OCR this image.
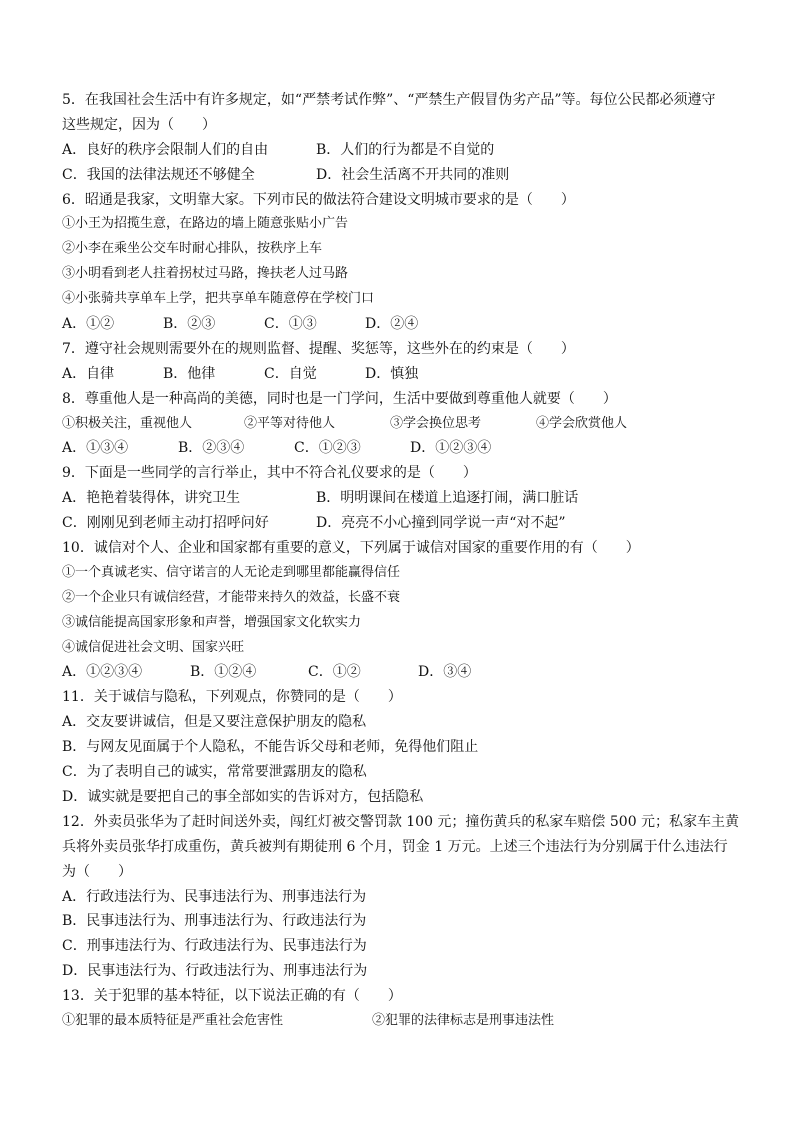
5．在我国社会生活中有许多规定，如“严禁考试作弊”、“严禁生产假冒伪劣产品”等。每位公民都必须遵守
这些规定，因为（　　）
A．良好的秩序会限制人们的自由	B．人们的行为都是不自觉的
C．我国的法律法规还不够健全	D．社会生活离不开共同的准则
6．昭通是我家，文明靠大家。下列市民的做法符合建设文明城市要求的是（　　）
①小王为招揽生意，在路边的墙上随意张贴小广告
②小李在乘坐公交车时耐心排队，按秩序上车
③小明看到老人拄着拐杖过马路，搀扶老人过马路
④小张骑共享单车上学，把共享单车随意停在学校门口
A．①②	B．②③	C．①③	D．②④
7．遵守社会规则需要外在的规则监督、提醒、奖惩等，这些外在的约束是（　　）
A．自律	B．他律	C．自觉	D．慎独
8．尊重他人是一种高尚的美德，同时也是一门学问，生活中要做到尊重他人就要（　　）
①积极关注，重视他人	②平等对待他人	③学会换位思考	④学会欣赏他人
A．①③④	B．②③④	C．①②③	D．①②③④
9．下面是一些同学的言行举止，其中不符合礼仪要求的是（　　）
A．艳艳着装得体，讲究卫生	B．明明课间在楼道上追逐打闹，满口脏话
C．刚刚见到老师主动打招呼问好	D．亮亮不小心撞到同学说一声“对不起”
10．诚信对个人、企业和国家都有重要的意义，下列属于诚信对国家的重要作用的有（　　）
①一个真诚老实、信守诺言的人无论走到哪里都能赢得信任
②一个企业只有诚信经营，才能带来持久的效益，长盛不衰
③诚信能提高国家形象和声誉，增强国家文化软实力
④诚信促进社会文明、国家兴旺
A．①②③④	B．①②④	C．①②	D．③④
11．关于诚信与隐私，下列观点，你赞同的是（　　）
A．交友要讲诚信，但是又要注意保护朋友的隐私
B．与网友见面属于个人隐私，不能告诉父母和老师，免得他们阻止
C．为了表明自己的诚实，常常要泄露朋友的隐私
D．诚实就是要把自己的事全部如实的告诉对方，包括隐私
12．外卖员张华为了赶时间送外卖，闯红灯被交警罚款 100 元；撞伤黄兵的私家车赔偿 500 元；私家车主黄
兵将外卖员张华打成重伤，黄兵被判有期徒刑 6 个月，罚金 1 万元。上述三个违法行为分别属于什么违法行
为（　　）
A．行政违法行为、民事违法行为、刑事违法行为
B．民事违法行为、刑事违法行为、行政违法行为
C．刑事违法行为、行政违法行为、民事违法行为
D．民事违法行为、行政违法行为、刑事违法行为
13．关于犯罪的基本特征，以下说法正确的有（　　）
①犯罪的最本质特征是严重社会危害性	②犯罪的法律标志是刑事违法性
